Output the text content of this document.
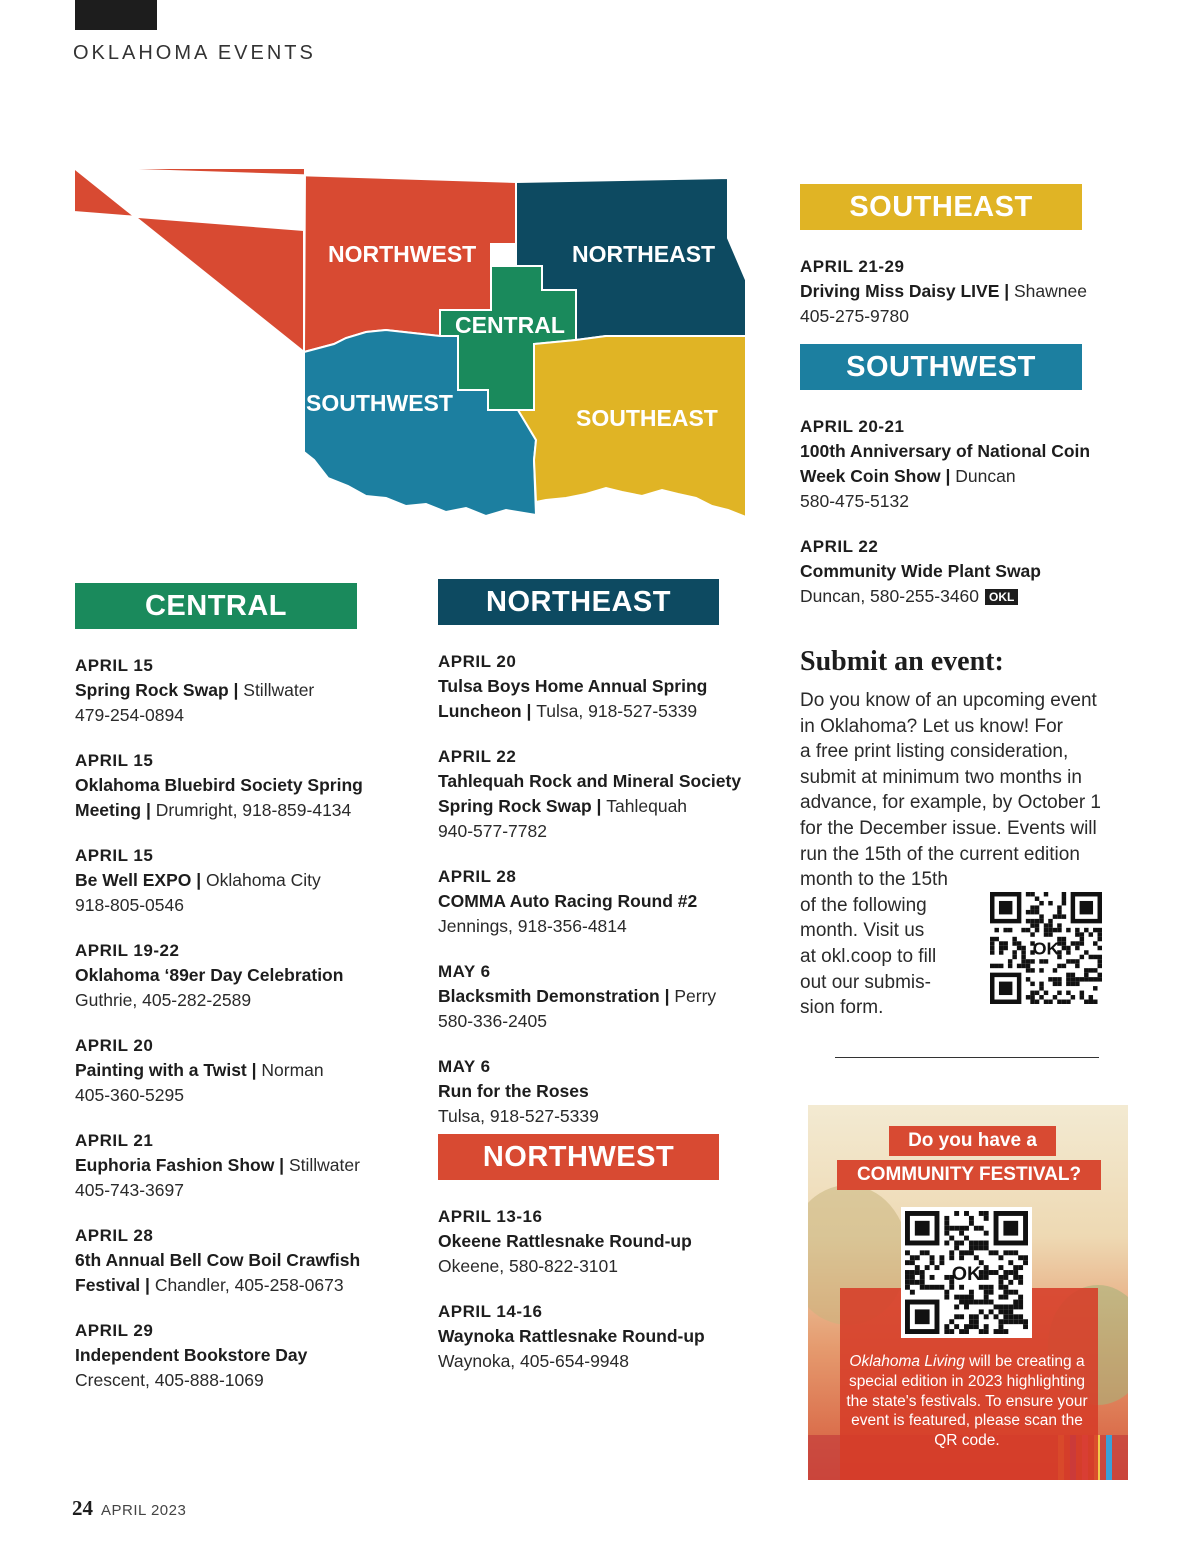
OKLAHOMA EVENTS
NORTHWEST	NORTHEAST
CENTRAL
SOUTHWEST
SOUTHEAST
SOUTHEAST
SOUTHWEST
CENTRAL	NORTHEAST
NORTHWEST
APRIL 15
Spring Rock Swap | Stillwater
479-254-0894
APRIL 15
Oklahoma Bluebird Society Spring Meeting | Drumright, 918-859-4134
APRIL 15
Be Well EXPO | Oklahoma City
918-805-0546
APRIL 19-22
Oklahoma ‘89er Day Celebration
Guthrie, 405-282-2589
APRIL 20
Painting with a Twist | Norman
405-360-5295
APRIL 21
Euphoria Fashion Show | Stillwater
405-743-3697
APRIL 28
6th Annual Bell Cow Boil Crawfish Festival | Chandler, 405-258-0673
APRIL 29
Independent Bookstore Day
Crescent, 405-888-1069
APRIL 20
Tulsa Boys Home Annual Spring Luncheon | Tulsa, 918-527-5339
APRIL 22
Tahlequah Rock and Mineral Society Spring Rock Swap | Tahlequah
940-577-7782
APRIL 28
COMMA Auto Racing Round #2
Jennings, 918-356-4814
MAY 6
Blacksmith Demonstration | Perry
580-336-2405
MAY 6
Run for the Roses
Tulsa, 918-527-5339
APRIL 13-16
Okeene Rattlesnake Round-up
Okeene, 580-822-3101
APRIL 14-16
Waynoka Rattlesnake Round-up
Waynoka, 405-654-9948
APRIL 21-29
Driving Miss Daisy LIVE | Shawnee
405-275-9780
APRIL 20-21
100th Anniversary of National Coin Week Coin Show | Duncan
580-475-5132
APRIL 22
Community Wide Plant Swap
Duncan, 580-255-3460 OKL
Submit an event:
Do you know of an upcoming event
in Oklahoma? Let us know! For
a free print listing consideration,
submit at minimum two months in
advance, for example, by October 1
for the December issue. Events will
run the 15th of the current edition
month to the 15th
of the following
month. Visit us
at okl.coop to fill
out our submis-
sion form.
OK
Do you have a
COMMUNITY FESTIVAL?
OK
Oklahoma Living will be creating a special edition in 2023 highlighting the state's festivals. To ensure your event is featured, please scan the QR code.
24 APRIL 2023
